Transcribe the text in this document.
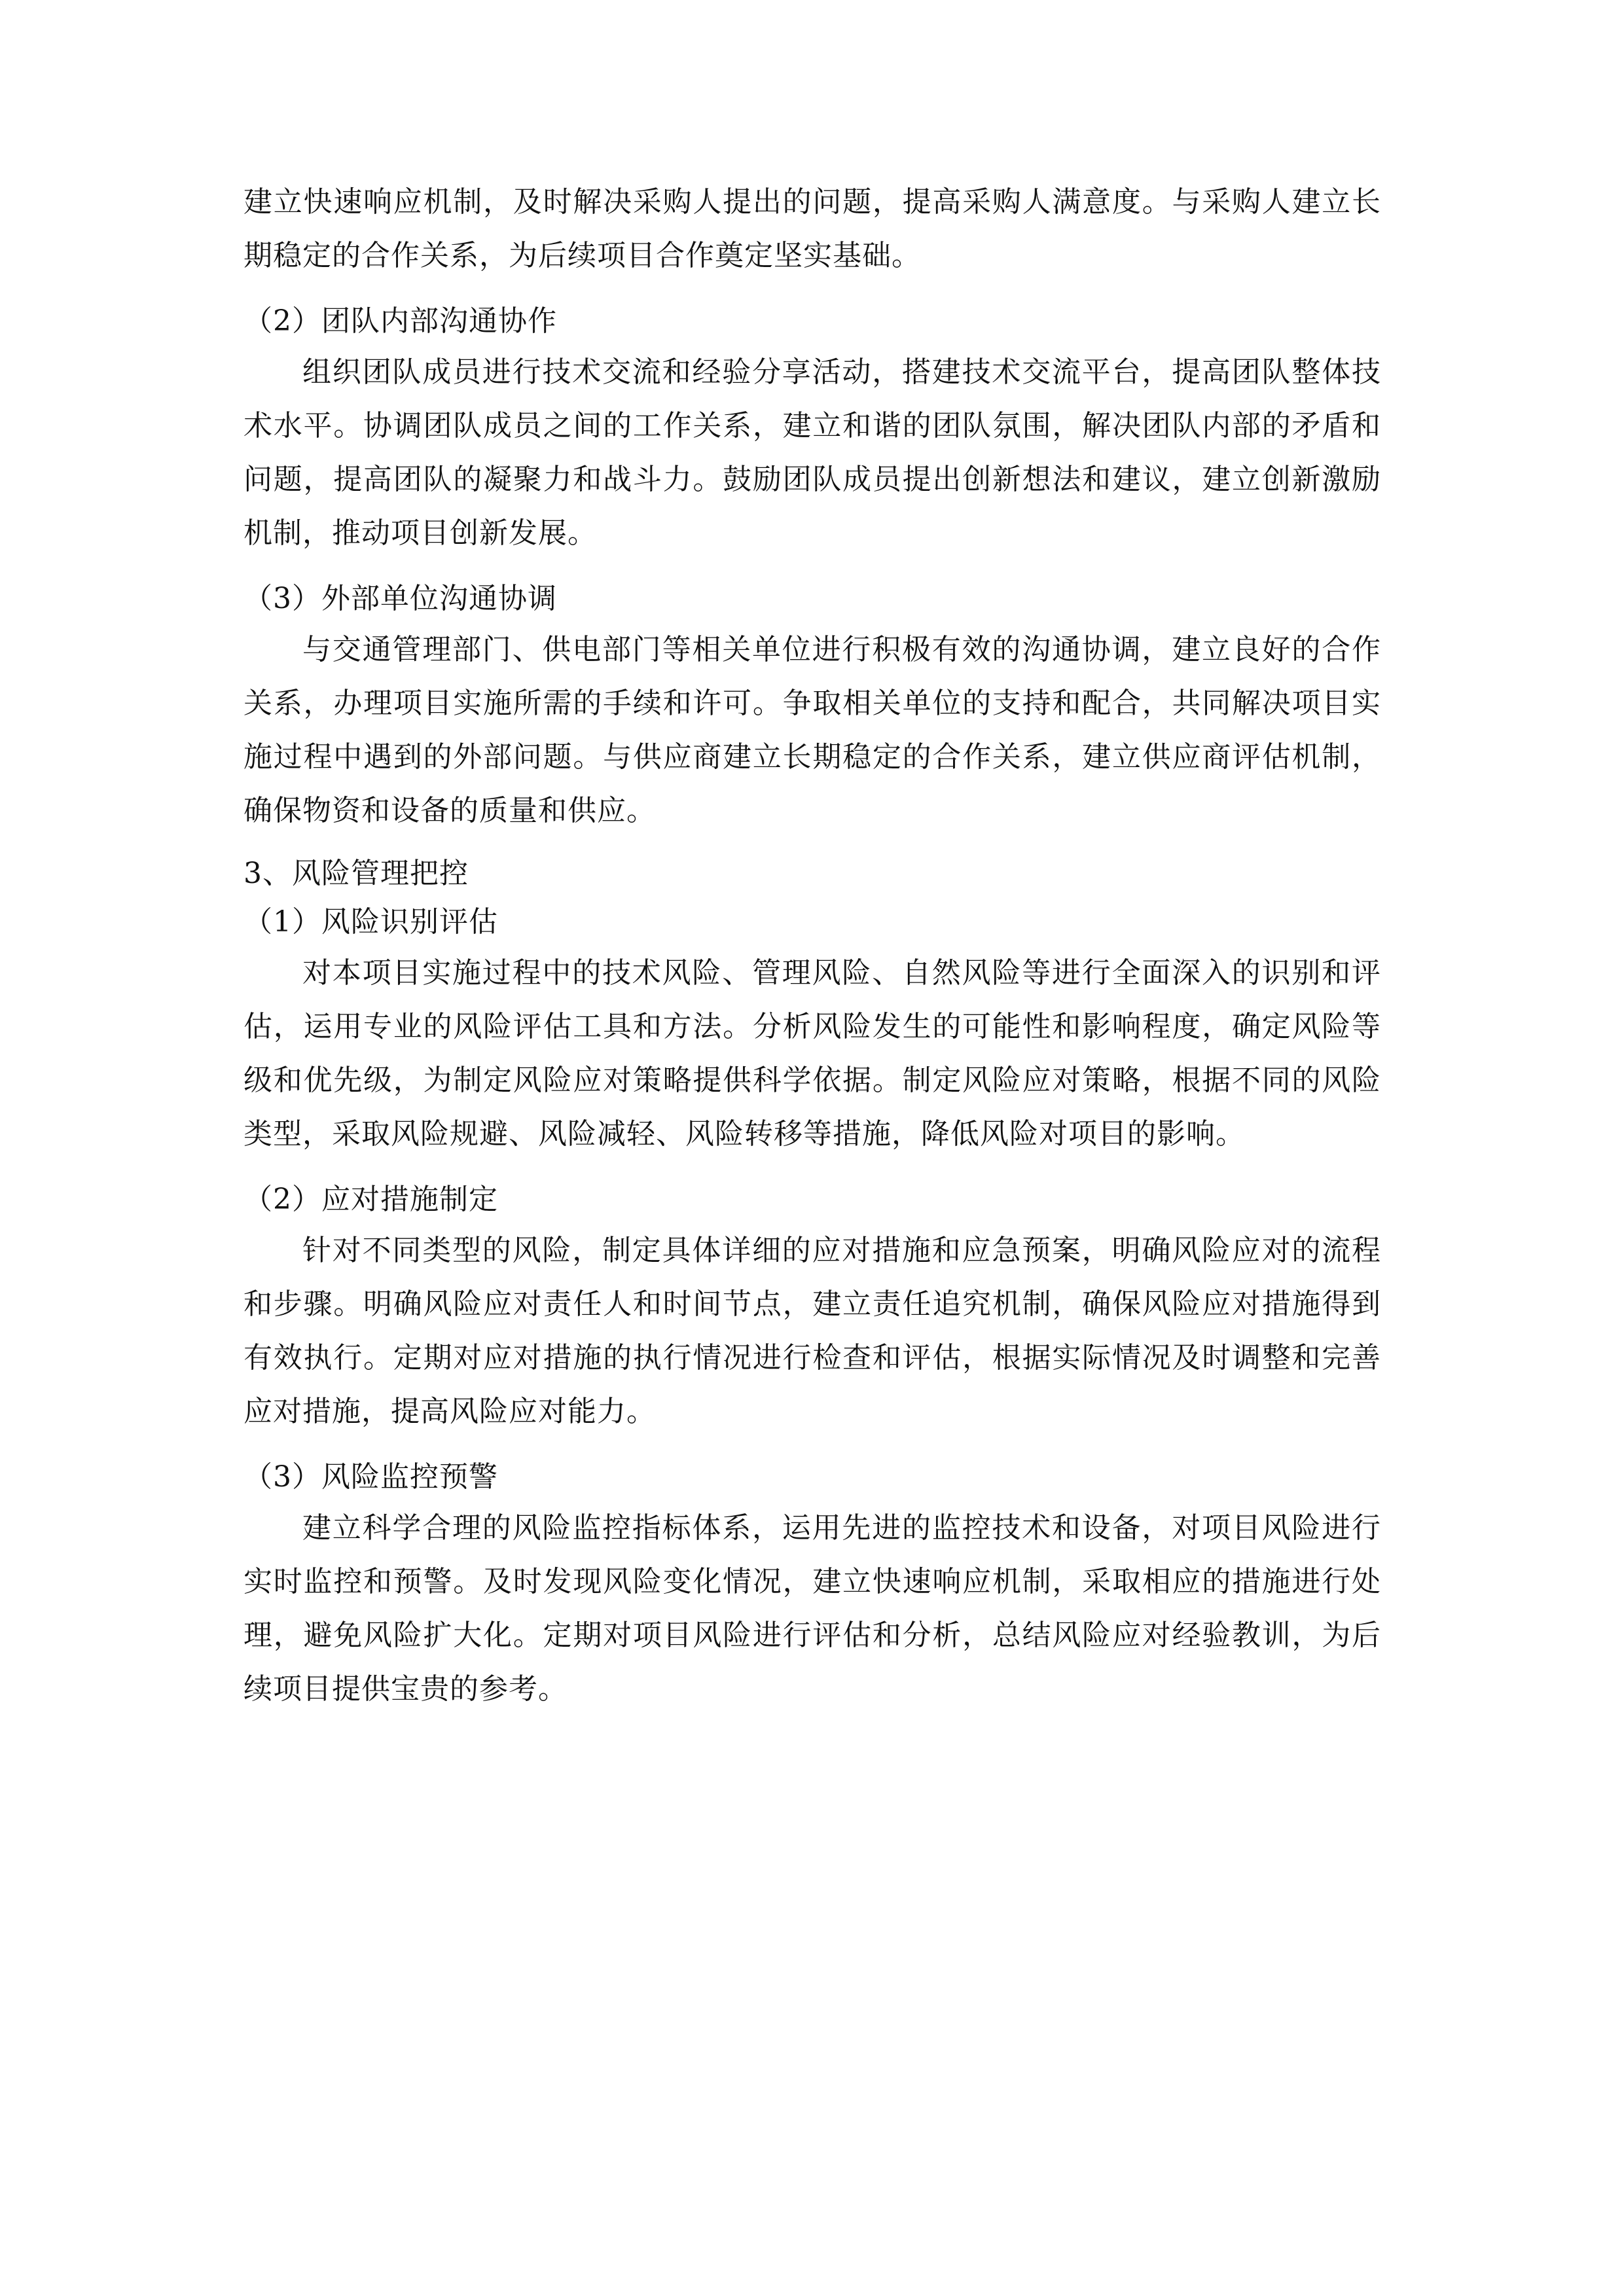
建立快速响应机制，及时解决采购人提出的问题，提高采购人满意度。与采购人建立长期稳定的合作关系，为后续项目合作奠定坚实基础。

（2）团队内部沟通协作

组织团队成员进行技术交流和经验分享活动，搭建技术交流平台，提高团队整体技术水平。协调团队成员之间的工作关系，建立和谐的团队氛围，解决团队内部的矛盾和问题，提高团队的凝聚力和战斗力。鼓励团队成员提出创新想法和建议，建立创新激励机制，推动项目创新发展。

（3）外部单位沟通协调

与交通管理部门、供电部门等相关单位进行积极有效的沟通协调，建立良好的合作关系，办理项目实施所需的手续和许可。争取相关单位的支持和配合，共同解决项目实施过程中遇到的外部问题。与供应商建立长期稳定的合作关系，建立供应商评估机制，确保物资和设备的质量和供应。

3、风险管理把控

（1）风险识别评估

对本项目实施过程中的技术风险、管理风险、自然风险等进行全面深入的识别和评估，运用专业的风险评估工具和方法。分析风险发生的可能性和影响程度，确定风险等级和优先级，为制定风险应对策略提供科学依据。制定风险应对策略，根据不同的风险类型，采取风险规避、风险减轻、风险转移等措施，降低风险对项目的影响。

（2）应对措施制定

针对不同类型的风险，制定具体详细的应对措施和应急预案，明确风险应对的流程和步骤。明确风险应对责任人和时间节点，建立责任追究机制，确保风险应对措施得到有效执行。定期对应对措施的执行情况进行检查和评估，根据实际情况及时调整和完善应对措施，提高风险应对能力。

（3）风险监控预警

建立科学合理的风险监控指标体系，运用先进的监控技术和设备，对项目风险进行实时监控和预警。及时发现风险变化情况，建立快速响应机制，采取相应的措施进行处理，避免风险扩大化。定期对项目风险进行评估和分析，总结风险应对经验教训，为后续项目提供宝贵的参考。
